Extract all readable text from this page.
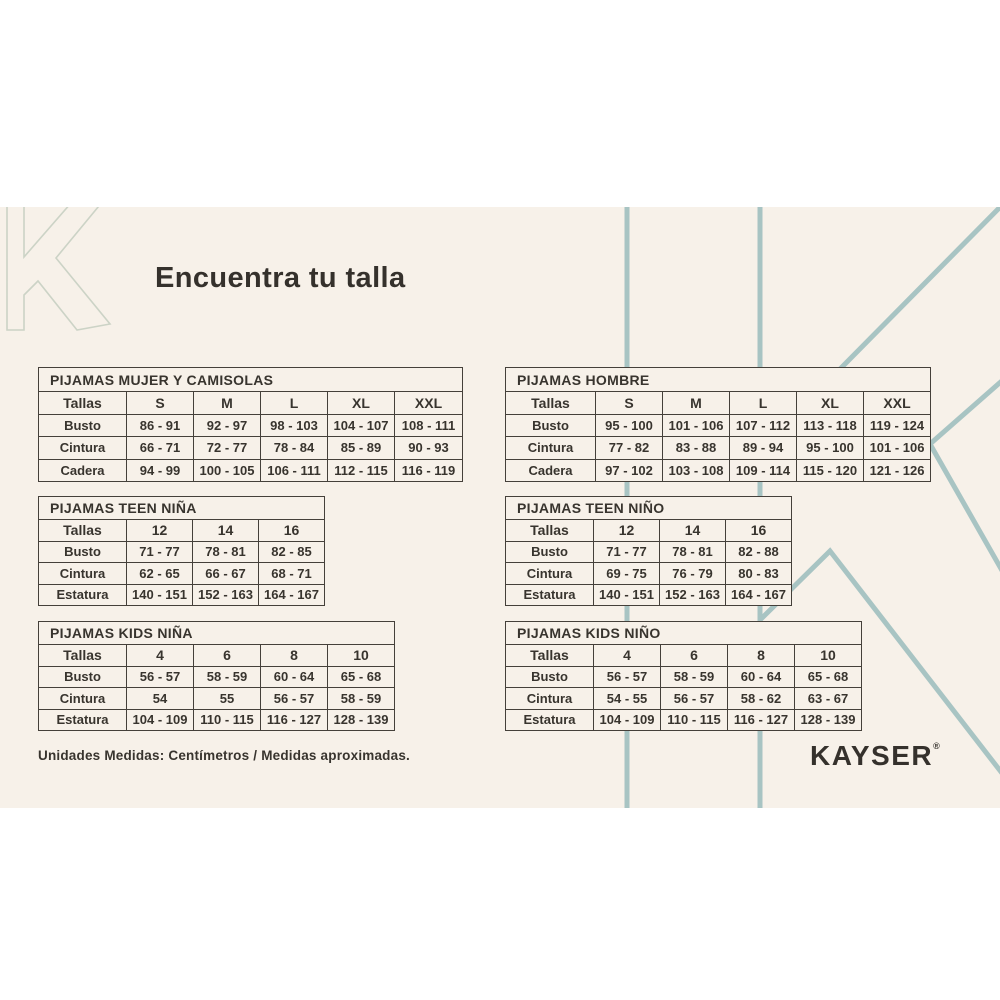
Encuentra tu talla
PIJAMAS MUJER Y CAMISOLAS					
Tallas	S	M	L	XL	XXL
Busto	86 - 91	92 - 97	98 - 103	104 - 107	108 - 111
Cintura	66 - 71	72 - 77	78 - 84	85 - 89	90 - 93
Cadera	94 - 99	100 - 105	106 - 111	112 - 115	116 - 119
PIJAMAS HOMBRE					
Tallas	S	M	L	XL	XXL
Busto	95 - 100	101 - 106	107 - 112	113 - 118	119 - 124
Cintura	77 - 82	83 - 88	89 - 94	95 - 100	101 - 106
Cadera	97 - 102	103 - 108	109 - 114	115 - 120	121 - 126
PIJAMAS TEEN NIÑA			
Tallas	12	14	16
Busto	71 - 77	78 - 81	82 - 85
Cintura	62 - 65	66 - 67	68 - 71
Estatura	140 - 151	152 - 163	164 - 167
PIJAMAS TEEN NIÑO			
Tallas	12	14	16
Busto	71 - 77	78 - 81	82 - 88
Cintura	69 - 75	76 - 79	80 - 83
Estatura	140 - 151	152 - 163	164 - 167
PIJAMAS KIDS NIÑA				
Tallas	4	6	8	10
Busto	56 - 57	58 - 59	60 - 64	65 - 68
Cintura	54	55	56 - 57	58 - 59
Estatura	104 - 109	110 - 115	116 - 127	128 - 139
PIJAMAS KIDS NIÑO				
Tallas	4	6	8	10
Busto	56 - 57	58 - 59	60 - 64	65 - 68
Cintura	54 - 55	56 - 57	58 - 62	63 - 67
Estatura	104 - 109	110 - 115	116 - 127	128 - 139
Unidades Medidas: Centímetros / Medidas aproximadas.	KAYSER®
